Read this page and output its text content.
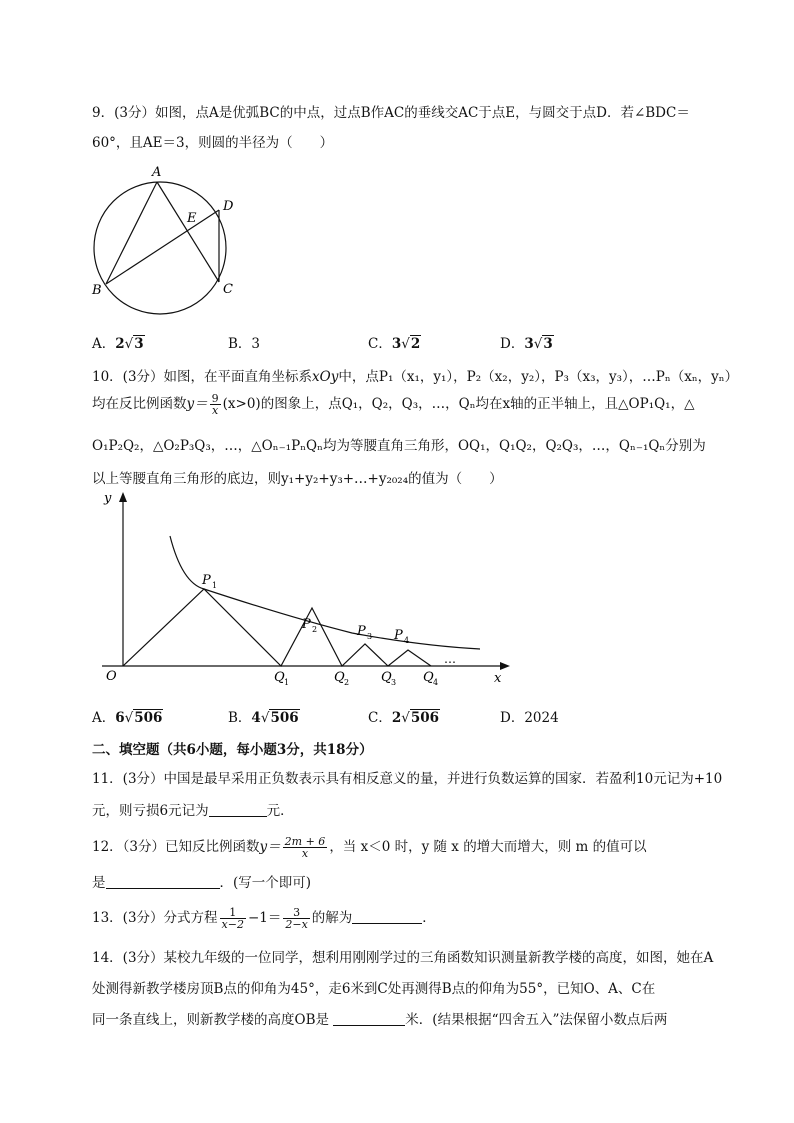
9．(3分）如图，点A是优弧BC的中点，过点B作AC的垂线交AC于点E，与圆交于点D．若∠BDC＝
60°，且AE＝3，则圆的半径为（　　）
A
B	C
D
E
A．2√3	B．3	C．3√2	D．3√3
10．(3分）如图，在平面直角坐标系xOy中，点P₁（x₁，y₁），P₂（x₂，y₂），P₃（x₃，y₃），…Pₙ（xₙ，yₙ）
均在反比例函数$y= \frac{9}{x} (x>0)$的图象上，点Q₁，Q₂，Q₃，…，Qₙ均在x轴的正半轴上，且△OP₁Q₁，△
O₁P₂Q₂，△O₂P₃Q₃，…，△Oₙ₋₁PₙQₙ均为等腰直角三角形，OQ₁，Q₁Q₂，Q₂Q₃，…，Qₙ₋₁Qₙ分别为
以上等腰直角三角形的底边，则y₁+y₂+y₃+…+y₂₀₂₄的值为（　　）
y
x
O
P 1
P 2	P 3 P 4
Q 1	Q 2 Q 3 Q 4
…
A．6√506	B．4√506	C．2√506	D．2024
二、填空题（共6小题，每小题3分，共18分）
11．(3分）中国是最早采用正负数表示具有相反意义的量，并进行负数运算的国家．若盈利10元记为+10
元，则亏损6元记为	元．
12．（3分）已知反比例函数$y= \frac{2m + 6}{x}$ ，当 x＜0 时，y 随 x 的增大而增大，则 m 的值可以
是	．(写一个即可)
13．(3分）分式方程 $\frac{1}{x-2} -1= \frac{3}{2-x}$ 的解为	．
14．(3分）某校九年级的一位同学，想利用刚刚学过的三角函数知识测量新教学楼的高度，如图，她在A
处测得新教学楼房顶B点的仰角为45°，走6米到C处再测得B点的仰角为55°，已知O、A、C在
同一条直线上，则新教学楼的高度OB是	米．(结果根据“四舍五入”法保留小数点后两
